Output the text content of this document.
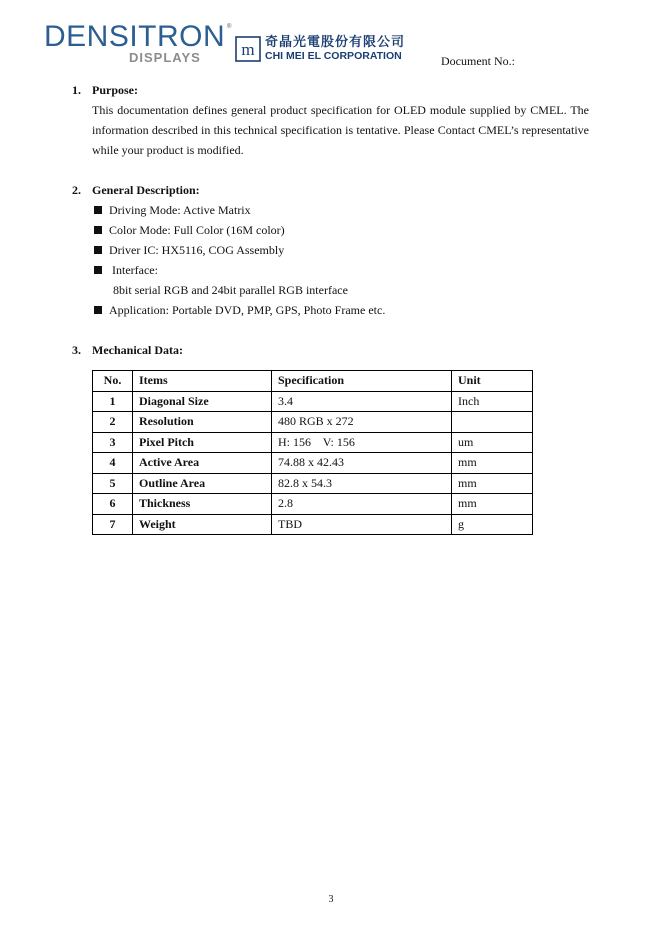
DENSITRON ®
DISPLAYS m 奇晶光電股份有限公司
CHI MEI EL CORPORATION	Document No.:
1. Purpose:
This documentation defines general product specification for OLED module supplied by CMEL. The information described in this technical specification is tentative. Please Contact CMEL’s representative while your product is modified.
2. General Description:
Driving Mode: Active Matrix
Color Mode: Full Color (16M color)
Driver IC: HX5116, COG Assembly
Interface:
8bit serial RGB and 24bit parallel RGB interface
Application: Portable DVD, PMP, GPS, Photo Frame etc.
3. Mechanical Data:
No.	Items	Specification	Unit
1	Diagonal Size	3.4	Inch
2	Resolution	480 RGB x 272	
3	Pixel Pitch	H: 156    V: 156	um
4	Active Area	74.88 x 42.43	mm
5	Outline Area	82.8 x 54.3	mm
6	Thickness	2.8	mm
7	Weight	TBD	g
3
